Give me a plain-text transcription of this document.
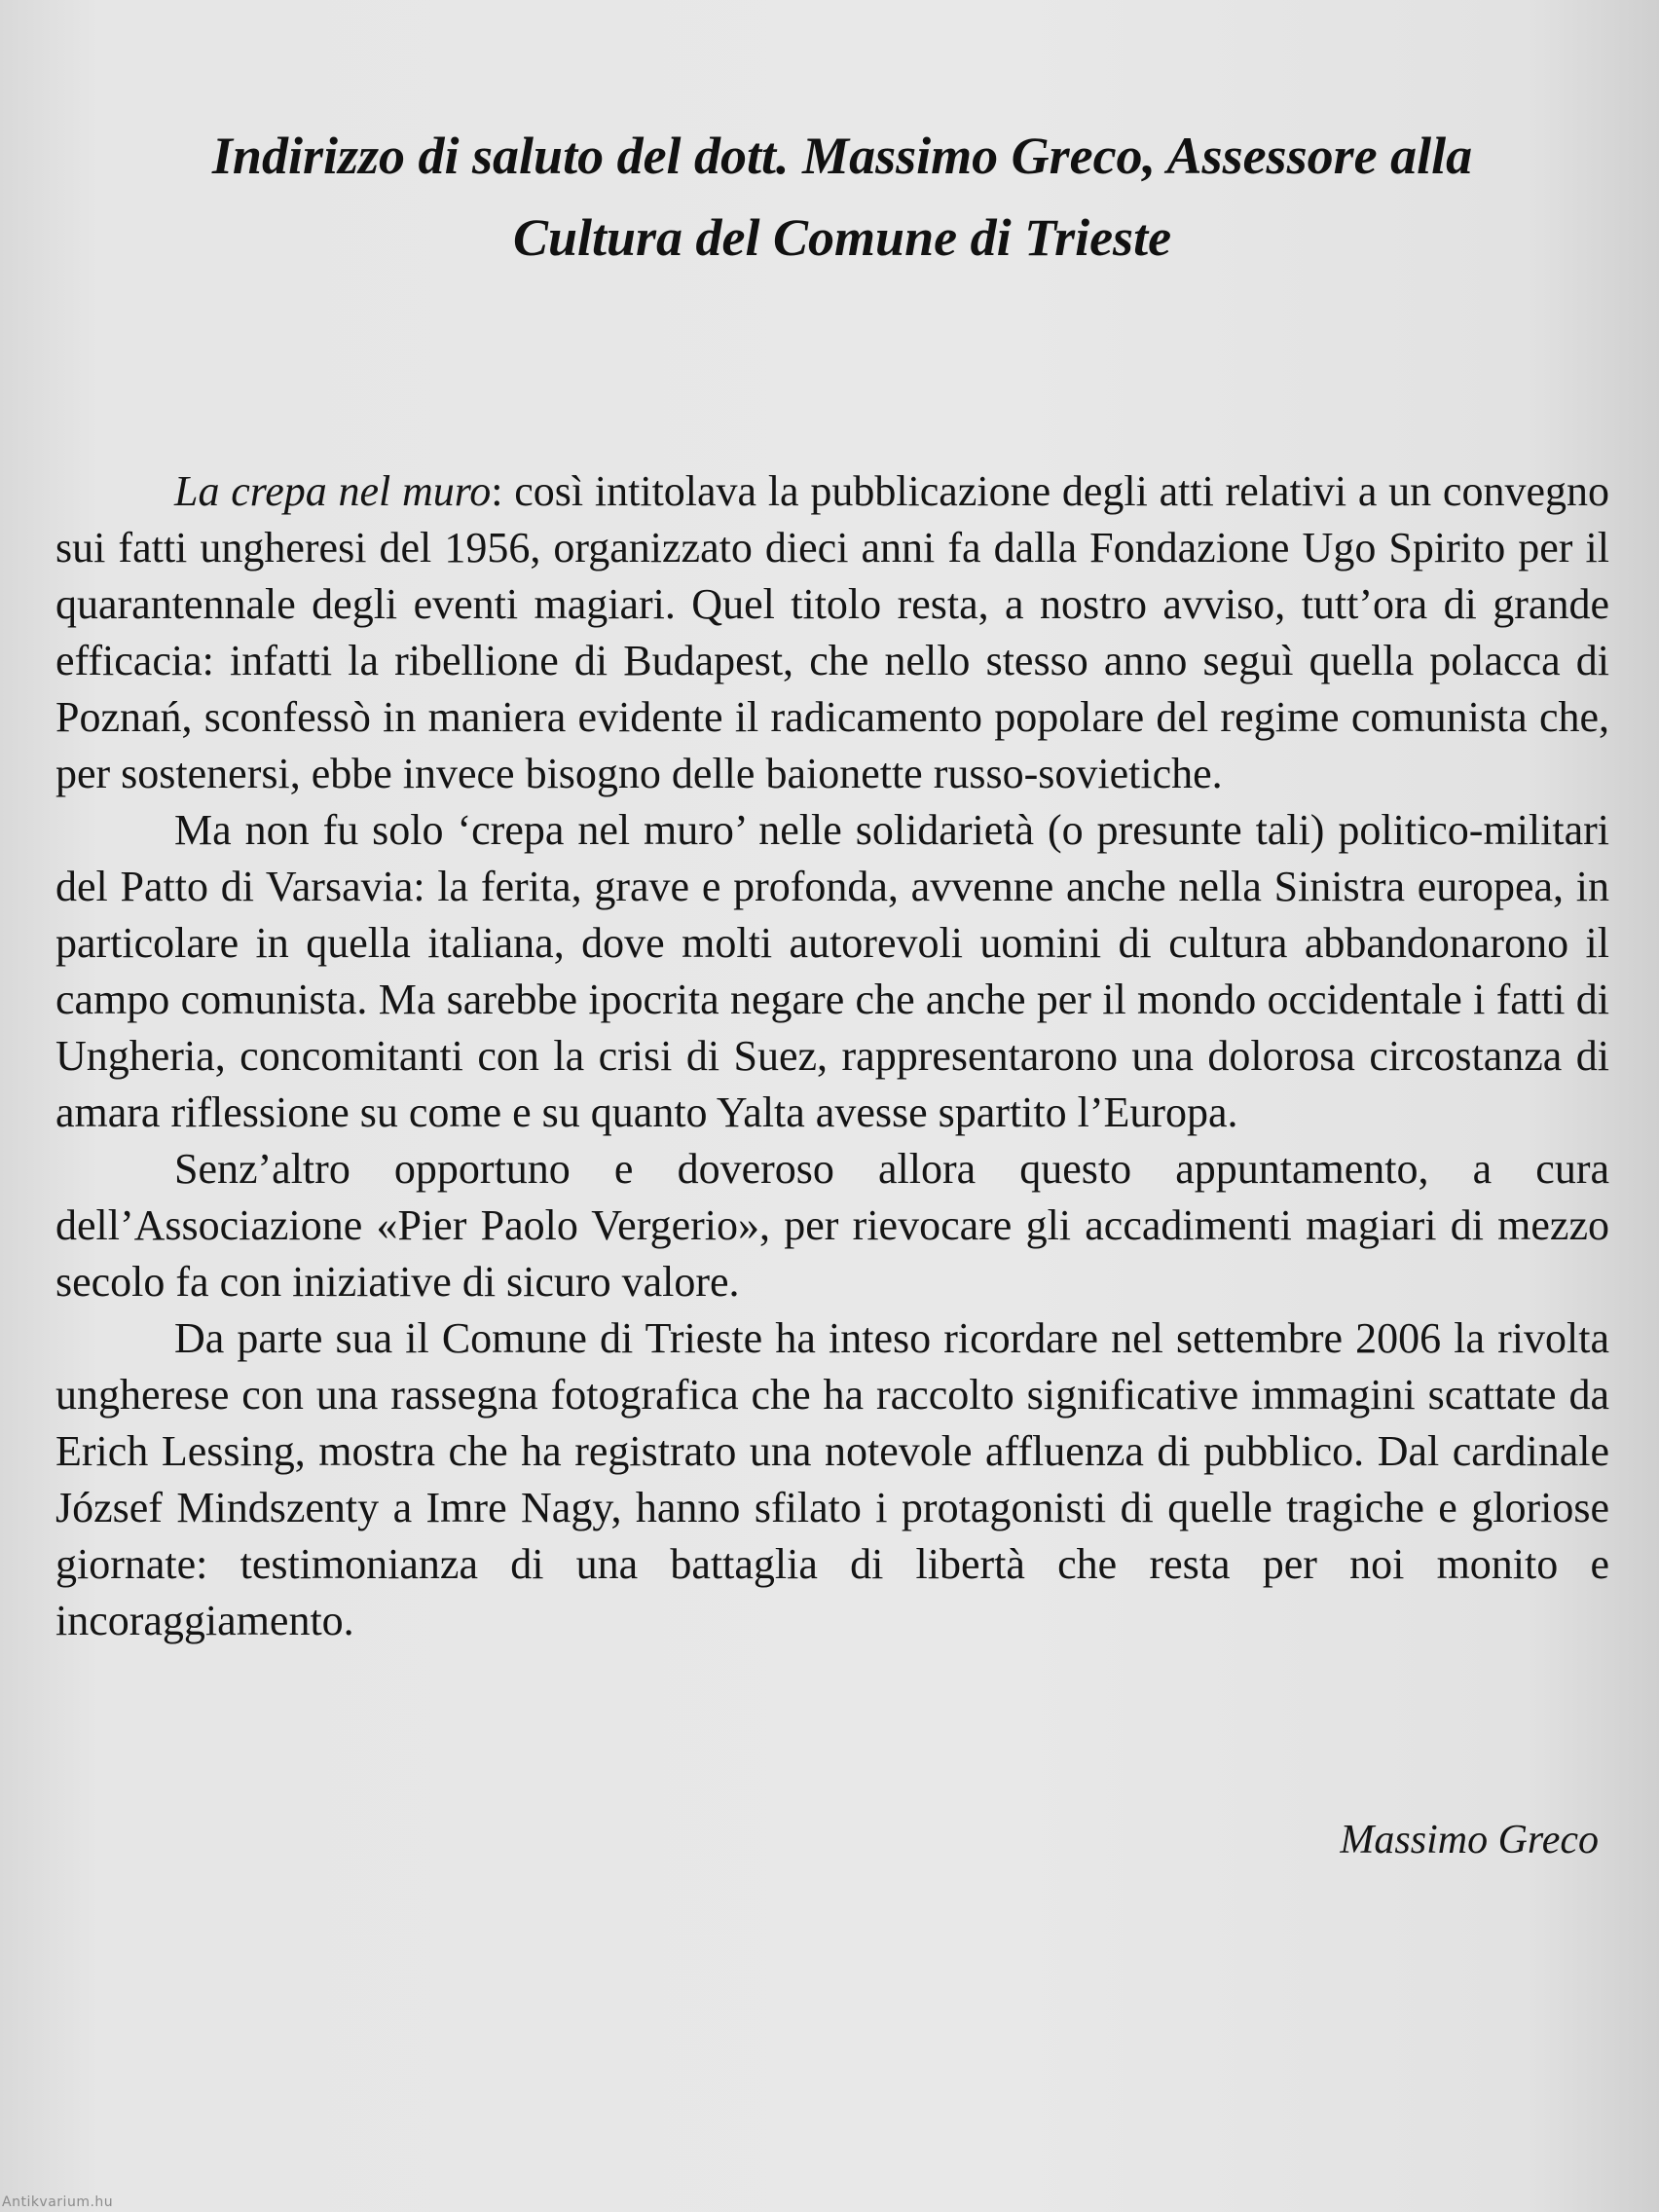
Indirizzo di saluto del dott. Massimo Greco, Assessore alla
Cultura del Comune di Trieste

La crepa nel muro: così intitolava la pubblicazione degli atti relativi a un convegno sui fatti ungheresi del 1956, organizzato dieci anni fa dalla Fondazione Ugo Spirito per il quarantennale degli eventi magiari. Quel titolo resta, a nostro avviso, tutt’ora di grande efficacia: infatti la ribellione di Budapest, che nello stesso anno seguì quella polacca di Poznań, sconfessò in maniera evidente il radicamento popolare del regime comunista che, per sostenersi, ebbe invece bisogno delle baionette russo-sovietiche.

Ma non fu solo ‘crepa nel muro’ nelle solidarietà (o presunte tali) politico-militari del Patto di Varsavia: la ferita, grave e profonda, avvenne anche nella Sinistra europea, in particolare in quella italiana, dove molti autorevoli uomini di cultura abbandonarono il campo comunista. Ma sarebbe ipocrita negare che anche per il mondo occidentale i fatti di Ungheria, concomitanti con la crisi di Suez, rappresentarono una dolorosa circostanza di amara riflessione su come e su quanto Yalta avesse spartito l’Europa.

Senz’altro opportuno e doveroso allora questo appuntamento, a cura dell’Associazione «Pier Paolo Vergerio», per rievocare gli accadimenti magiari di mezzo secolo fa con iniziative di sicuro valore.

Da parte sua il Comune di Trieste ha inteso ricordare nel settembre 2006 la rivolta ungherese con una rassegna fotografica che ha raccolto significative immagini scattate da Erich Lessing, mostra che ha registrato una notevole affluenza di pubblico. Dal cardinale József Mindszenty a Imre Nagy, hanno sfilato i protagonisti di quelle tragiche e gloriose giornate: testimonianza di una battaglia di libertà che resta per noi monito e incoraggiamento.

Massimo Greco

Antikvarium.hu
